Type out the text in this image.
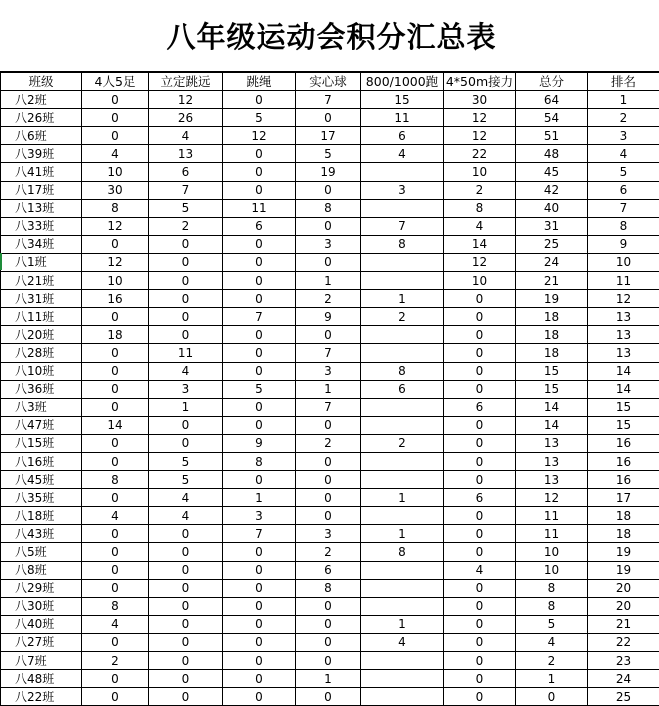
八年级运动会积分汇总表
班级	4人5足	立定跳远	跳绳	实心球	800/1000跑	4*50m接力	总分	排名
八2班	0	12	0	7	15	30	64	1
八26班	0	26	5	0	11	12	54	2
八6班	0	4	12	17	6	12	51	3
八39班	4	13	0	5	4	22	48	4
八41班	10	6	0	19		10	45	5
八17班	30	7	0	0	3	2	42	6
八13班	8	5	11	8		8	40	7
八33班	12	2	6	0	7	4	31	8
八34班	0	0	0	3	8	14	25	9
八1班	12	0	0	0		12	24	10
八21班	10	0	0	1		10	21	11
八31班	16	0	0	2	1	0	19	12
八11班	0	0	7	9	2	0	18	13
八20班	18	0	0	0		0	18	13
八28班	0	11	0	7		0	18	13
八10班	0	4	0	3	8	0	15	14
八36班	0	3	5	1	6	0	15	14
八3班	0	1	0	7		6	14	15
八47班	14	0	0	0		0	14	15
八15班	0	0	9	2	2	0	13	16
八16班	0	5	8	0		0	13	16
八45班	8	5	0	0		0	13	16
八35班	0	4	1	0	1	6	12	17
八18班	4	4	3	0		0	11	18
八43班	0	0	7	3	1	0	11	18
八5班	0	0	0	2	8	0	10	19
八8班	0	0	0	6		4	10	19
八29班	0	0	0	8		0	8	20
八30班	8	0	0	0		0	8	20
八40班	4	0	0	0	1	0	5	21
八27班	0	0	0	0	4	0	4	22
八7班	2	0	0	0		0	2	23
八48班	0	0	0	1		0	1	24
八22班	0	0	0	0		0	0	25
